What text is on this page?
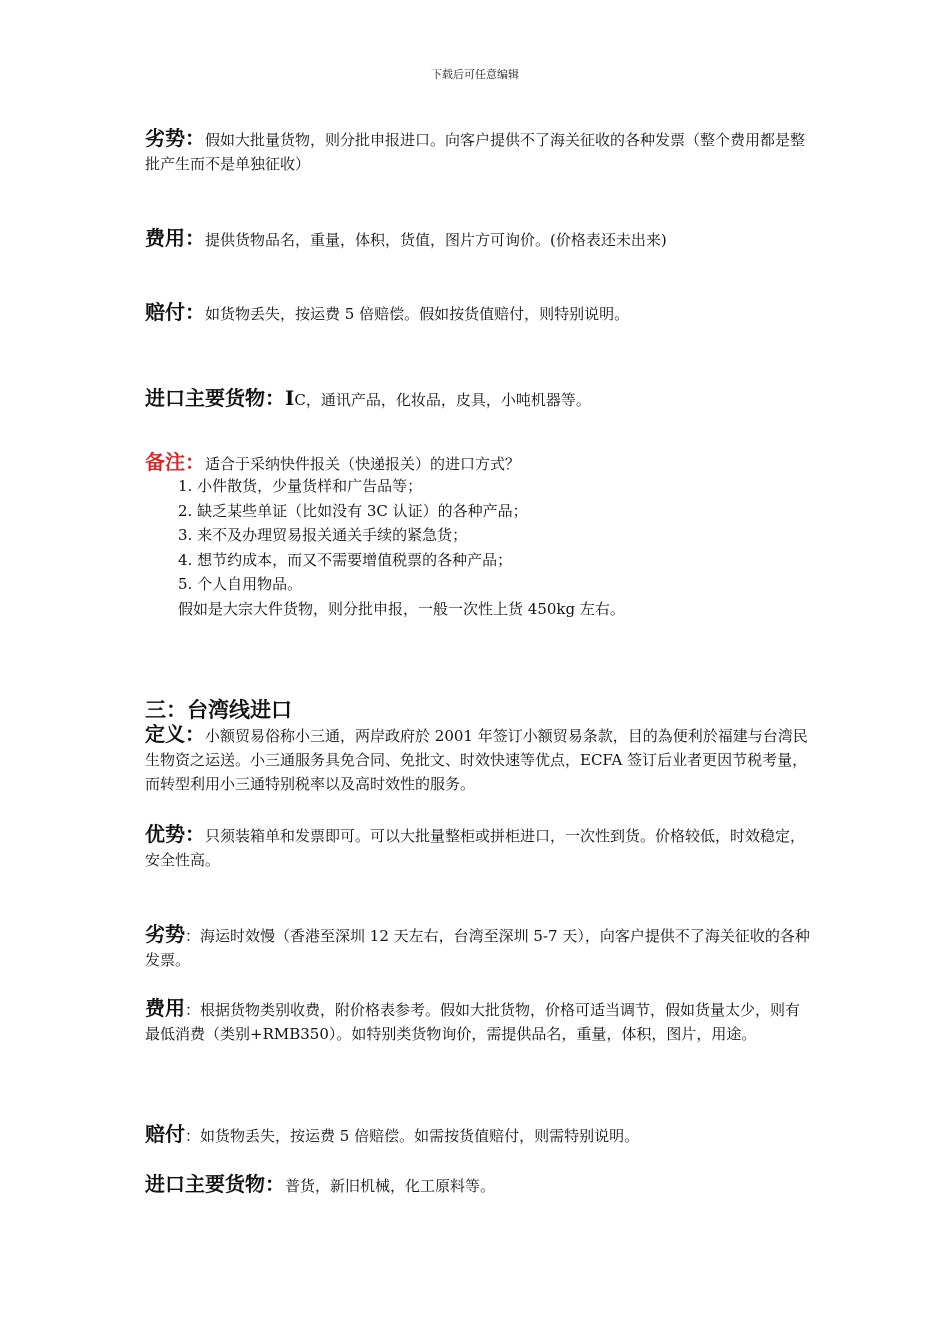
下载后可任意编辑
劣势：假如大批量货物，则分批申报进口。向客户提供不了海关征收的各种发票（整个费用都是整批产生而不是单独征收）
费用：提供货物品名，重量，体积，货值，图片方可询价。(价格表还未出来)
赔付：如货物丢失，按运费 5 倍赔偿。假如按货值赔付，则特别说明。
进口主要货物：IC，通讯产品，化妆品，皮具，小吨机器等。
备注：适合于采纳快件报关（快递报关）的进口方式？
1. 小件散货，少量货样和广告品等；
2. 缺乏某些单证（比如没有 3C 认证）的各种产品；
3. 来不及办理贸易报关通关手续的紧急货；
4. 想节约成本，而又不需要增值税票的各种产品；
5. 个人自用物品。
假如是大宗大件货物，则分批申报，一般一次性上货 450kg 左右。
三：台湾线进口
定义：小额贸易俗称小三通，两岸政府於 2001 年签订小额贸易条款，目的為便利於福建与台湾民生物资之运送。小三通服务具免合同、免批文、时效快速等优点，ECFA 签订后业者更因节税考量，而转型利用小三通特别税率以及高时效性的服务。
优势：只须装箱单和发票即可。可以大批量整柜或拼柜进口，一次性到货。价格较低，时效稳定，安全性高。
劣势：海运时效慢（香港至深圳 12 天左右，台湾至深圳 5-7 天），向客户提供不了海关征收的各种发票。
费用：根据货物类别收费，附价格表参考。假如大批货物，价格可适当调节，假如货量太少，则有最低消费（类别+RMB350）。如特别类货物询价，需提供品名，重量，体积，图片，用途。
赔付：如货物丢失，按运费 5 倍赔偿。如需按货值赔付，则需特别说明。
进口主要货物：普货，新旧机械，化工原料等。
